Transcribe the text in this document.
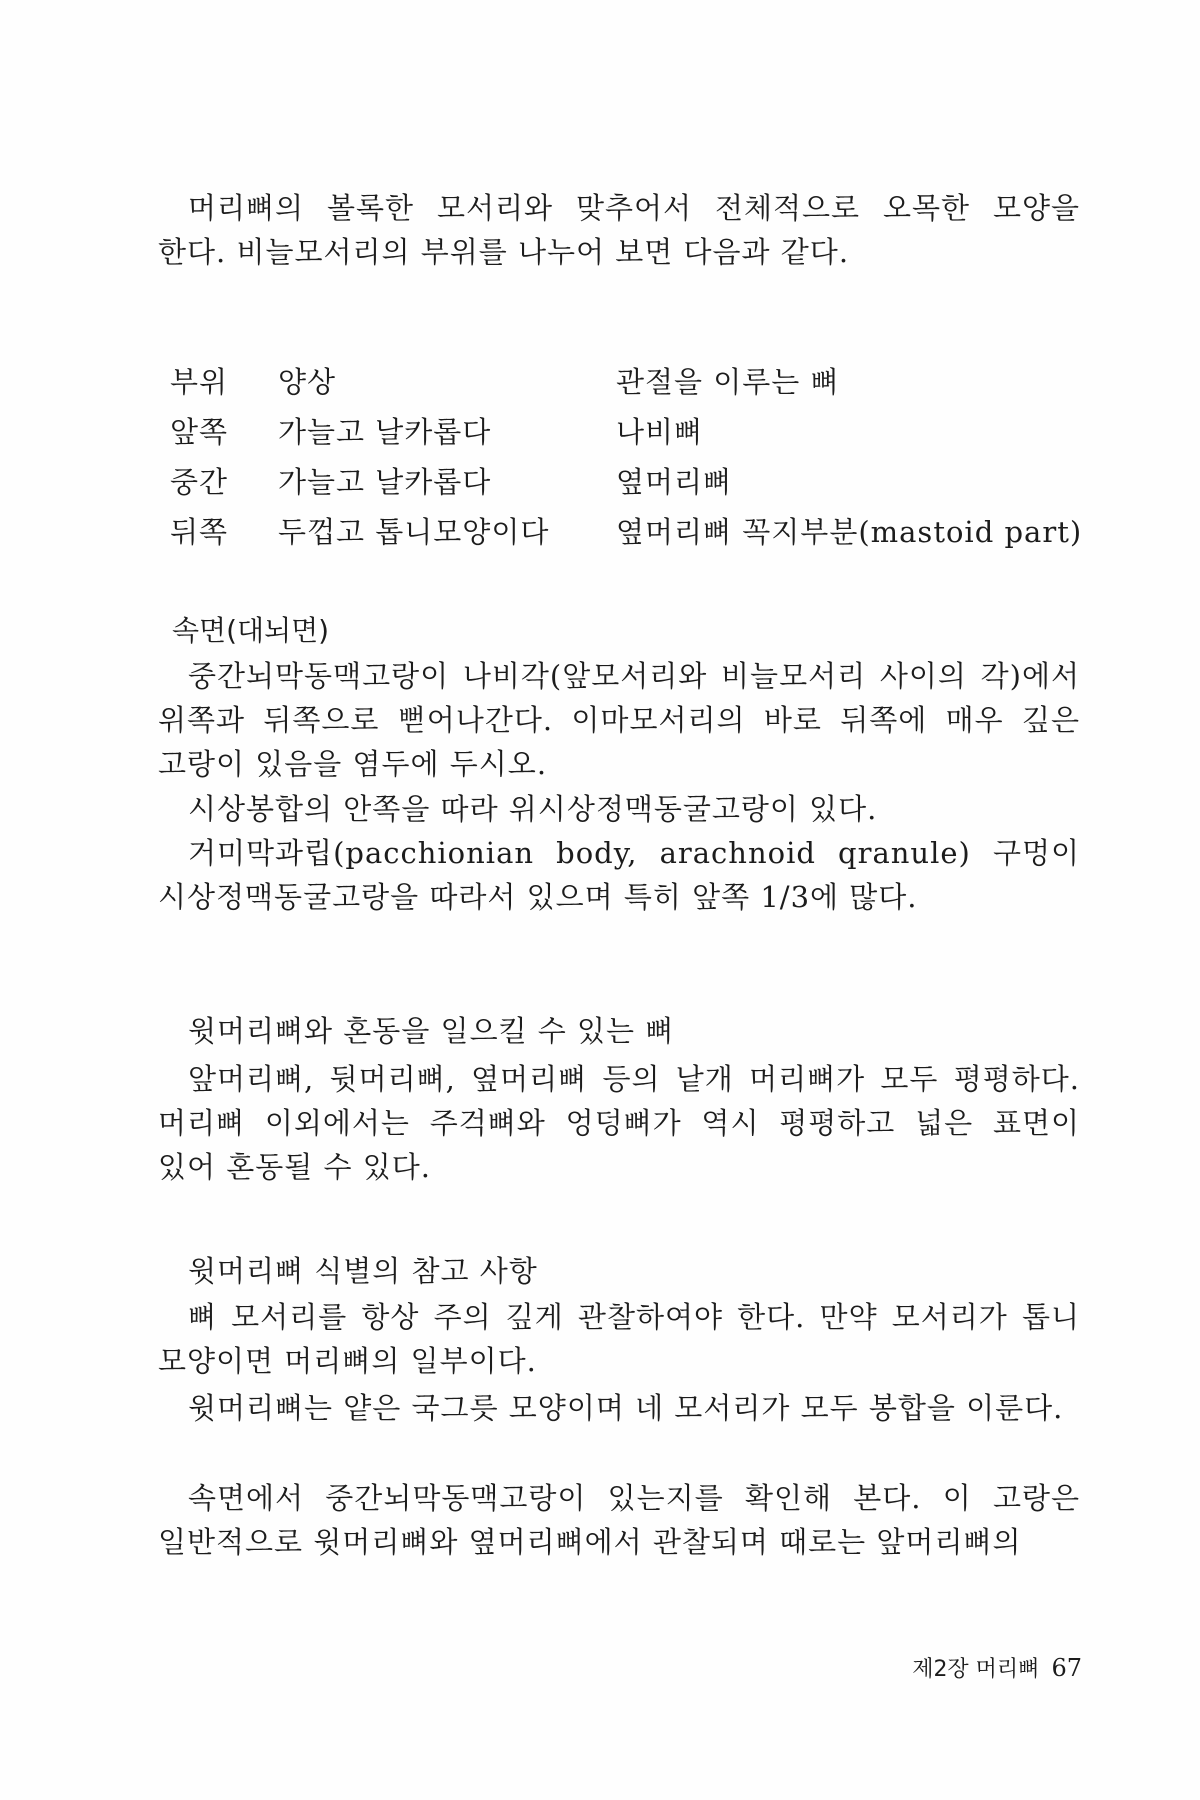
머리뼈의 볼록한 모서리와 맞추어서 전체적으로 오목한 모양을 한다. 비늘모서리의 부위를 나누어 보면 다음과 같다.

부위	양상	관절을 이루는 뼈
앞쪽	가늘고 날카롭다	나비뼈
중간	가늘고 날카롭다	옆머리뼈
뒤쪽	두껍고 톱니모양이다	옆머리뼈 꼭지부분(mastoid part)

속면(대뇌면)

중간뇌막동맥고랑이 나비각(앞모서리와 비늘모서리 사이의 각)에서 위쪽과 뒤쪽으로 뻗어나간다. 이마모서리의 바로 뒤쪽에 매우 깊은 고랑이 있음을 염두에 두시오.

시상봉합의 안쪽을 따라 위시상정맥동굴고랑이 있다.

거미막과립(pacchionian body, arachnoid qranule) 구멍이 시상정맥동굴고랑을 따라서 있으며 특히 앞쪽 1/3에 많다.

윗머리뼈와 혼동을 일으킬 수 있는 뼈

앞머리뼈, 뒷머리뼈, 옆머리뼈 등의 낱개 머리뼈가 모두 평평하다. 머리뼈 이외에서는 주걱뼈와 엉덩뼈가 역시 평평하고 넓은 표면이 있어 혼동될 수 있다.

윗머리뼈 식별의 참고 사항

뼈 모서리를 항상 주의 깊게 관찰하여야 한다. 만약 모서리가 톱니 모양이면 머리뼈의 일부이다.

윗머리뼈는 얕은 국그릇 모양이며 네 모서리가 모두 봉합을 이룬다.

속면에서 중간뇌막동맥고랑이 있는지를 확인해 본다. 이 고랑은 일반적으로 윗머리뼈와 옆머리뼈에서 관찰되며 때로는 앞머리뼈의

제2장 머리뼈 67
